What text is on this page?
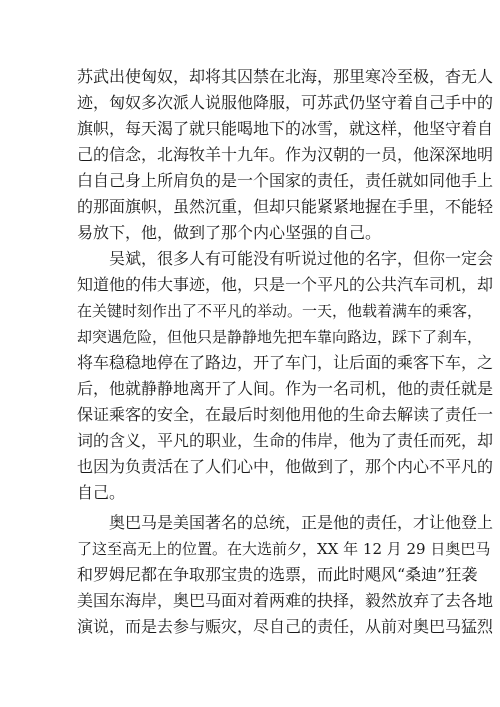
苏武出使匈奴，却将其囚禁在北海，那里寒冷至极，杳无人
迹，匈奴多次派人说服他降服，可苏武仍坚守着自己手中的
旗帜，每天渴了就只能喝地下的冰雪，就这样，他坚守着自
己的信念，北海牧羊十九年。作为汉朝的一员，他深深地明
白自己身上所肩负的是一个国家的责任，责任就如同他手上
的那面旗帜，虽然沉重，但却只能紧紧地握在手里，不能轻
易放下，他，做到了那个内心坚强的自己。
吴斌，很多人有可能没有听说过他的名字，但你一定会
知道他的伟大事迹，他，只是一个平凡的公共汽车司机，却
在关键时刻作出了不平凡的举动。一天，他载着满车的乘客，
却突遇危险，但他只是静静地先把车靠向路边，踩下了刹车，
将车稳稳地停在了路边，开了车门，让后面的乘客下车，之
后，他就静静地离开了人间。作为一名司机，他的责任就是
保证乘客的安全，在最后时刻他用他的生命去解读了责任一
词的含义，平凡的职业，生命的伟岸，他为了责任而死，却
也因为负责活在了人们心中，他做到了，那个内心不平凡的
自己。
奥巴马是美国著名的总统，正是他的责任，才让他登上
了这至高无上的位置。在大选前夕，XX 年 12 月 29 日奥巴马
和罗姆尼都在争取那宝贵的选票，而此时飓风“桑迪”狂袭
美国东海岸，奥巴马面对着两难的抉择，毅然放弃了去各地
演说，而是去参与赈灾，尽自己的责任，从前对奥巴马猛烈
